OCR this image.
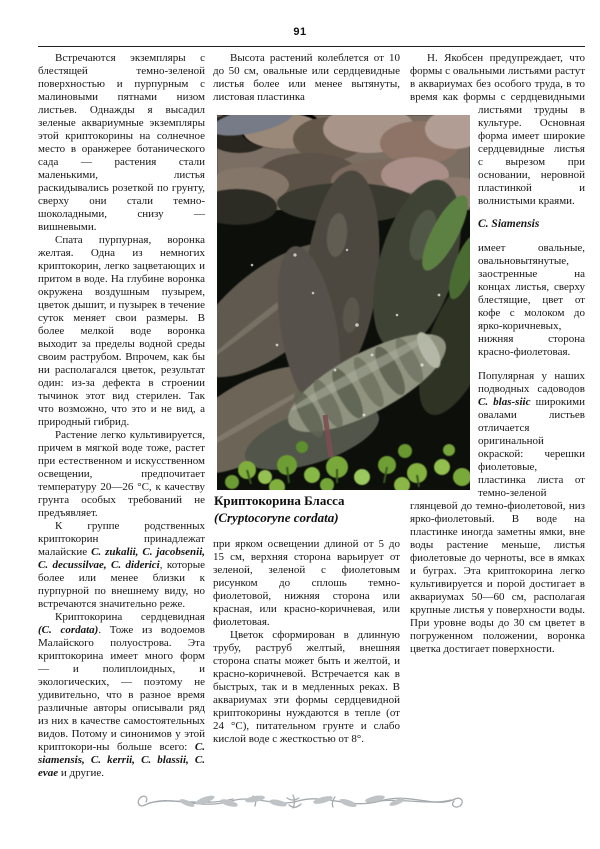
91

Встречаются экземпляры с блестящей темно-зеленой поверхностью и пурпурным с малиновыми пятнами низом листьев. Однажды я высадил зеленые аквариумные экземпляры этой криптокорины на солнечное место в оранжерее ботанического сада — растения стали маленькими, листья раскидывались розеткой по грунту, сверху они стали темно-шоколадными, снизу — вишневыми.

Спата пурпурная, воронка желтая. Одна из немногих криптокорин, легко зацветающих и притом в воде. На глубине воронка окружена воздушным пузырем, цветок дышит, и пузырек в течение суток меняет свои размеры. В более мелкой воде воронка выходит за пределы водной среды своим раструбом. Впрочем, как бы ни располагался цветок, результат один: из-за дефекта в строении тычинок этот вид стерилен. Так что возможно, что это и не вид, а природный гибрид.

Растение легко культивируется, причем в мягкой воде тоже, растет при естественном и искусственном освещении, предпочитает температуру 20—26 °С, к качеству грунта особых требований не предъявляет.

К группе родственных криптокорин принадлежат малайские C. zukalii, C. jacobsenii, C. decussilvae, C. diderici, которые более или менее близки к пурпурной по внешнему виду, но встречаются значительно реже.

Криптокорина сердцевидная (C. cordata). Тоже из водоемов Малайского полуострова. Эта криптокорина имеет много форм — и полиплоидных, и экологических, — поэтому не удивительно, что в разное время различные авторы описывали ряд из них в качестве самостоятельных видов. Потому и синонимов у этой криптокори-ны больше всего: C. siamensis, C. kerrii, C. blassii, C. evae и другие.

Высота растений колеблется от 10 до 50 см, овальные или сердцевидные листья более или менее вытянуты, листовая пластинка

Криптокорина Бласса
(Cryptocoryne cordata)

при ярком освещении длиной от 5 до 15 см, верхняя сторона варьирует от зеленой, зеленой с фиолетовым рисунком до сплошь темно-фиолетовой, нижняя сторона или красная, или красно-коричневая, или фиолетовая.

Цветок сформирован в длинную трубу, раструб желтый, внешняя сторона спаты может быть и желтой, и красно-коричневой. Встречается как в быстрых, так и в медленных реках. В аквариумах эти формы сердцевидной криптокорины нуждаются в тепле (от 24 °С), питательном грунте и слабо кислой воде с жесткостью от 8°.

Н. Якобсен предупреждает, что формы с овальными листьями растут в аквариумах без особого труда, в то время как формы с сердцевидными листьями трудны в культуре. Основная форма имеет широкие сердцевидные листья с вырезом при основании, неровной пластинкой и волнистыми краями.

C. Siamensis

имеет овальные, овальновытянутые, заостренные на концах листья, сверху блестящие, цвет от кофе с молоком до ярко-коричневых, нижняя сторона красно-фиолетовая.

Популярная у наших подводных садоводов C. blas-siic широкими овалами листьев отличается оригинальной окраской: черешки фиолетовые, пластинка листа от темно-зеленой глянцевой до темно-фиолетовой, низ ярко-фиолетовый. В воде на пластинке иногда заметны ямки, вне воды растение меньше, листья фиолетовые до черноты, все в ямках и буграх. Эта криптокорина легко культивируется и порой достигает в аквариумах 50—60 см, располагая крупные листья у поверхности воды. При уровне воды до 30 см цветет в погруженном положении, воронка цветка достигает поверхности.
